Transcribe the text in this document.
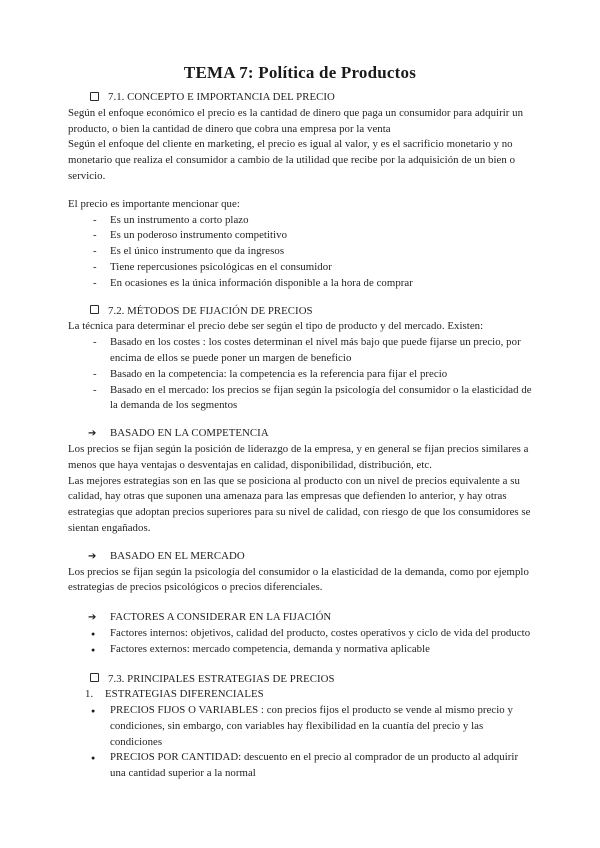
TEMA 7: Política de Productos
7.1. CONCEPTO E IMPORTANCIA DEL PRECIO
Según el enfoque económico el precio es la cantidad de dinero que paga un consumidor para adquirir un producto, o bien la cantidad de dinero que cobra una empresa por la venta
Según el enfoque del cliente en marketing, el precio es igual al valor, y es el sacrificio monetario y no monetario que realiza el consumidor a cambio de la utilidad que recibe por la adquisición de un bien o servicio.
El precio es importante mencionar que:
- Es un instrumento a corto plazo
- Es un poderoso instrumento competitivo
- Es el único instrumento que da ingresos
- Tiene repercusiones psicológicas en el consumidor
- En ocasiones es la única información disponible a la hora de comprar
7.2. MÉTODOS DE FIJACIÓN DE PRECIOS
La técnica para determinar el precio debe ser según el tipo de producto y del mercado. Existen:
- Basado en los costes : los costes determinan el nivel más bajo que puede fijarse un precio, por encima de ellos se puede poner un margen de beneficio
- Basado en la competencia: la competencia es la referencia para fijar el precio
- Basado en el mercado: los precios se fijan según la psicología del consumidor o la elasticidad de la demanda de los segmentos
➔ BASADO EN LA COMPETENCIA
Los precios se fijan según la posición de liderazgo de la empresa, y en general se fijan precios similares a menos que haya ventajas o desventajas en calidad, disponibilidad, distribución, etc.
Las mejores estrategias son en las que se posiciona al producto con un nivel de precios equivalente a su calidad, hay otras que suponen una amenaza para las empresas que defienden lo anterior, y hay otras estrategias que adoptan precios superiores para su nivel de calidad, con riesgo de que los consumidores se sientan engañados.
➔ BASADO EN EL MERCADO
Los precios se fijan según la psicología del consumidor o la elasticidad de la demanda, como por ejemplo estrategias de precios psicológicos o precios diferenciales.
➔ FACTORES A CONSIDERAR EN LA FIJACIÓN
● Factores internos: objetivos, calidad del producto, costes operativos y ciclo de vida del producto
● Factores externos: mercado competencia, demanda y normativa aplicable
7.3. PRINCIPALES ESTRATEGIAS DE PRECIOS
1. ESTRATEGIAS DIFERENCIALES
● PRECIOS FIJOS O VARIABLES : con precios fijos el producto se vende al mismo precio y condiciones, sin embargo, con variables hay flexibilidad en la cuantía del precio y las condiciones
● PRECIOS POR CANTIDAD: descuento en el precio al comprador de un producto al adquirir una cantidad superior a la normal
